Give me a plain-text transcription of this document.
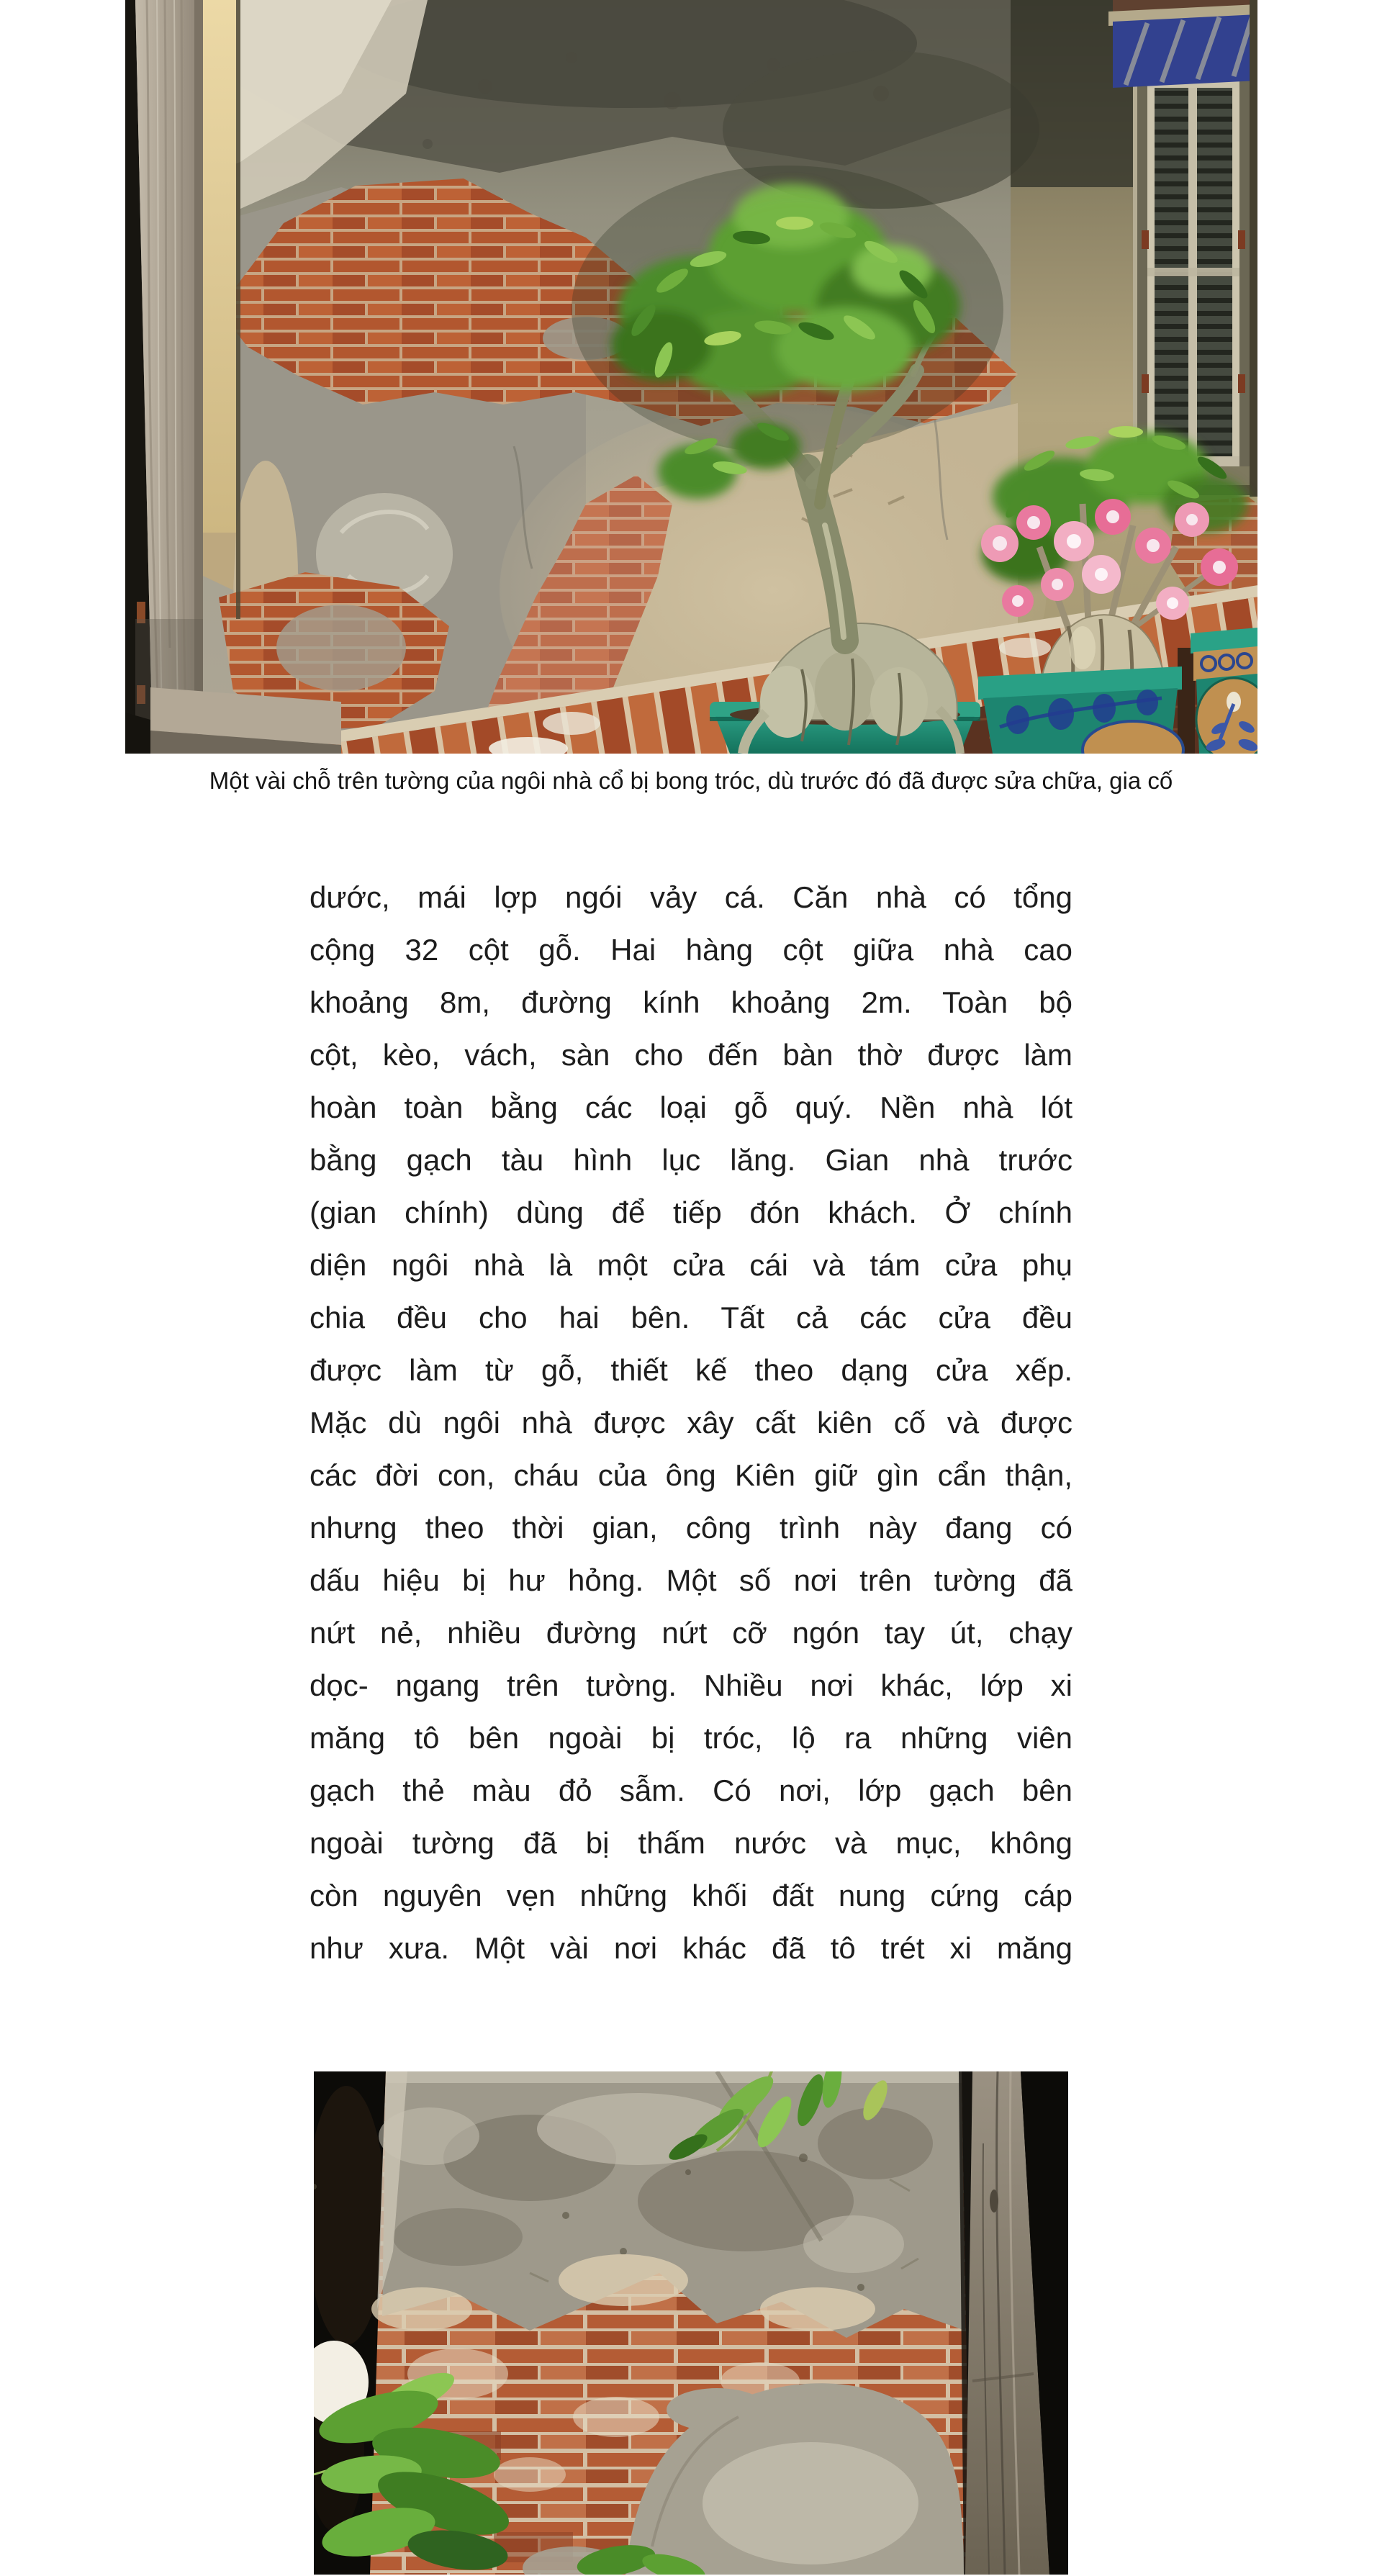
Một vài chỗ trên tường của ngôi nhà cổ bị bong tróc, dù trước đó đã được sửa chữa, gia cố
dước, mái lợp ngói vảy cá. Căn nhà có tổng
cộng 32 cột gỗ. Hai hàng cột giữa nhà cao
khoảng 8m, đường kính khoảng 2m. Toàn bộ
cột, kèo, vách, sàn cho đến bàn thờ được làm
hoàn toàn bằng các loại gỗ quý. Nền nhà lót
bằng gạch tàu hình lục lăng. Gian nhà trước
(gian chính) dùng để tiếp đón khách. Ở chính
diện ngôi nhà là một cửa cái và tám cửa phụ
chia đều cho hai bên. Tất cả các cửa đều
được làm từ gỗ, thiết kế theo dạng cửa xếp.
Mặc dù ngôi nhà được xây cất kiên cố và được
các đời con, cháu của ông Kiên giữ gìn cẩn thận,
nhưng theo thời gian, công trình này đang có
dấu hiệu bị hư hỏng. Một số nơi trên tường đã
nứt nẻ, nhiều đường nứt cỡ ngón tay út, chạy
dọc- ngang trên tường. Nhiều nơi khác, lớp xi
măng tô bên ngoài bị tróc, lộ ra những viên
gạch thẻ màu đỏ sẫm. Có nơi, lớp gạch bên
ngoài tường đã bị thấm nước và mục, không
còn nguyên vẹn những khối đất nung cứng cáp
như xưa. Một vài nơi khác đã tô trét xi măng
